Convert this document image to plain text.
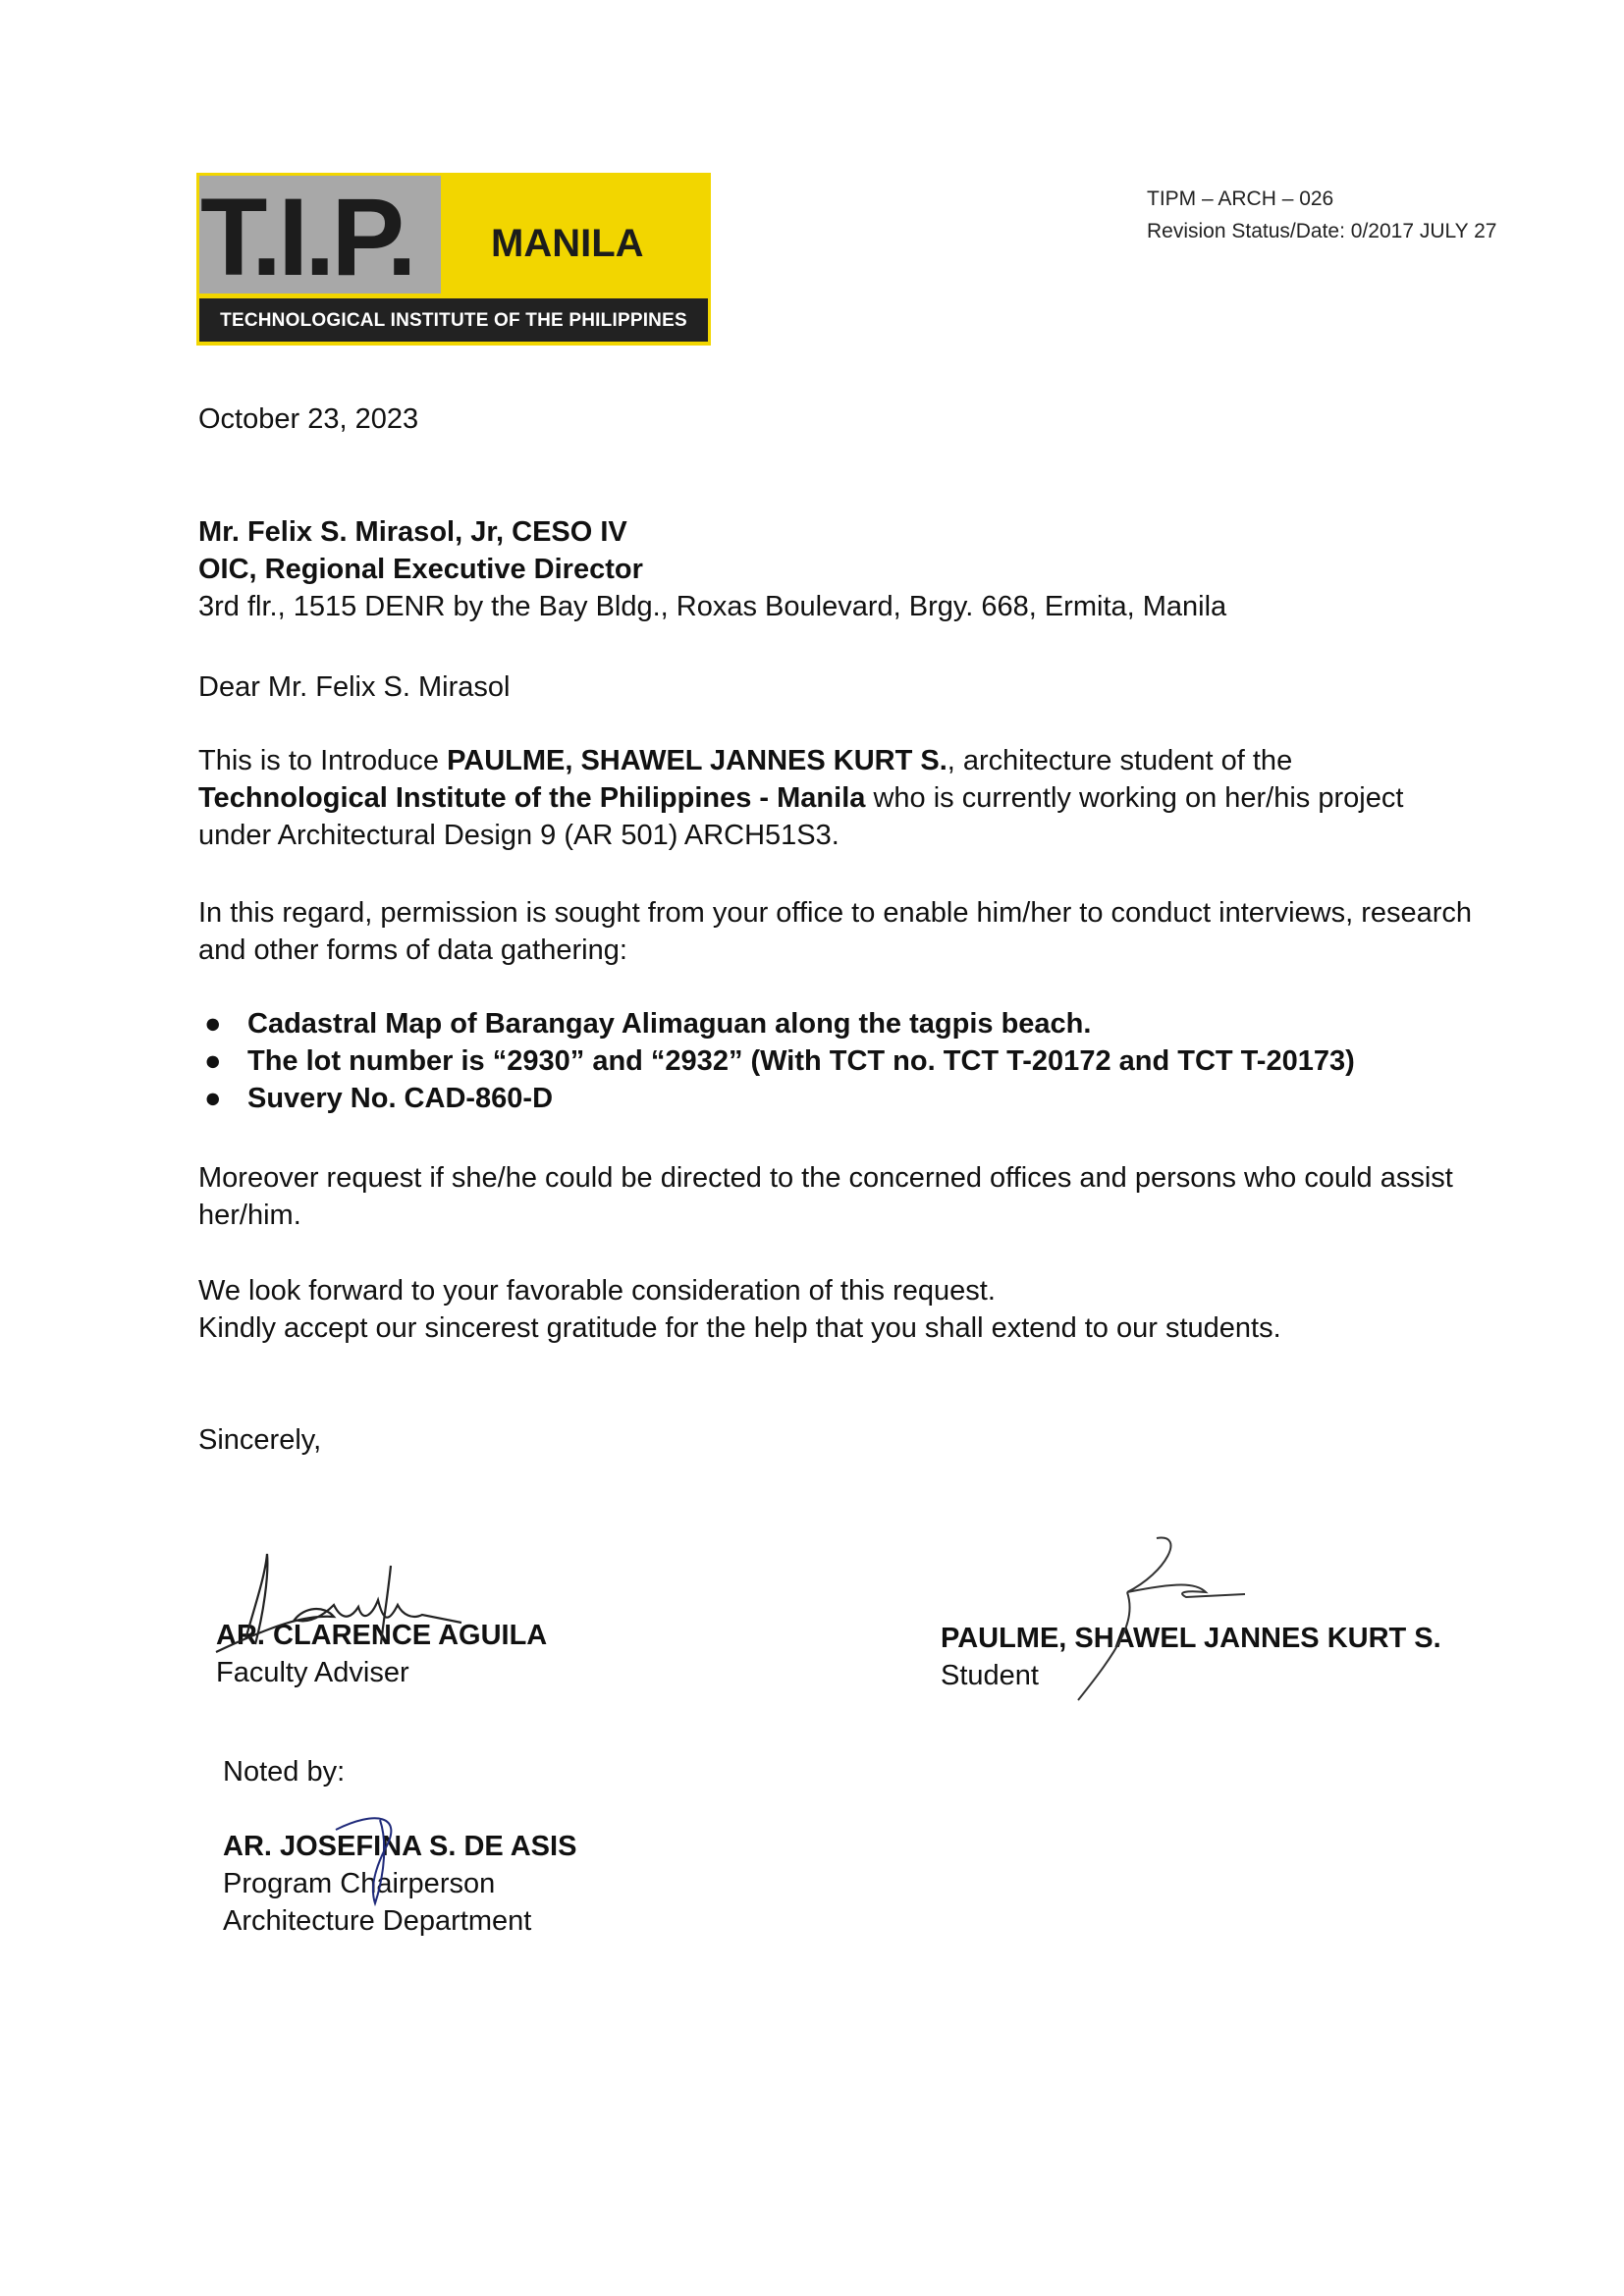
T.I.P. MANILA
TECHNOLOGICAL INSTITUTE OF THE PHILIPPINES
TIPM – ARCH – 026
Revision Status/Date: 0/2017 JULY 27
October 23, 2023
Mr. Felix S. Mirasol, Jr, CESO IV
OIC, Regional Executive Director
3rd flr., 1515 DENR by the Bay Bldg., Roxas Boulevard, Brgy. 668, Ermita, Manila
Dear Mr. Felix S. Mirasol
This is to Introduce PAULME, SHAWEL JANNES KURT S., architecture student of the Technological Institute of the Philippines - Manila who is currently working on her/his project under Architectural Design 9 (AR 501) ARCH51S3.
In this regard, permission is sought from your office to enable him/her to conduct interviews, research and other forms of data gathering:
● Cadastral Map of Barangay Alimaguan along the tagpis beach.
● The lot number is “2930” and “2932” (With TCT no. TCT T-20172 and TCT T-20173)
● Suvery No. CAD-860-D
Moreover request if she/he could be directed to the concerned offices and persons who could assist her/him.
We look forward to your favorable consideration of this request.
Kindly accept our sincerest gratitude for the help that you shall extend to our students.
Sincerely,
AR. CLARENCE AGUILA
Faculty Adviser
PAULME, SHAWEL JANNES KURT S.
Student
Noted by:
AR. JOSEFINA S. DE ASIS
Program Chairperson
Architecture Department
